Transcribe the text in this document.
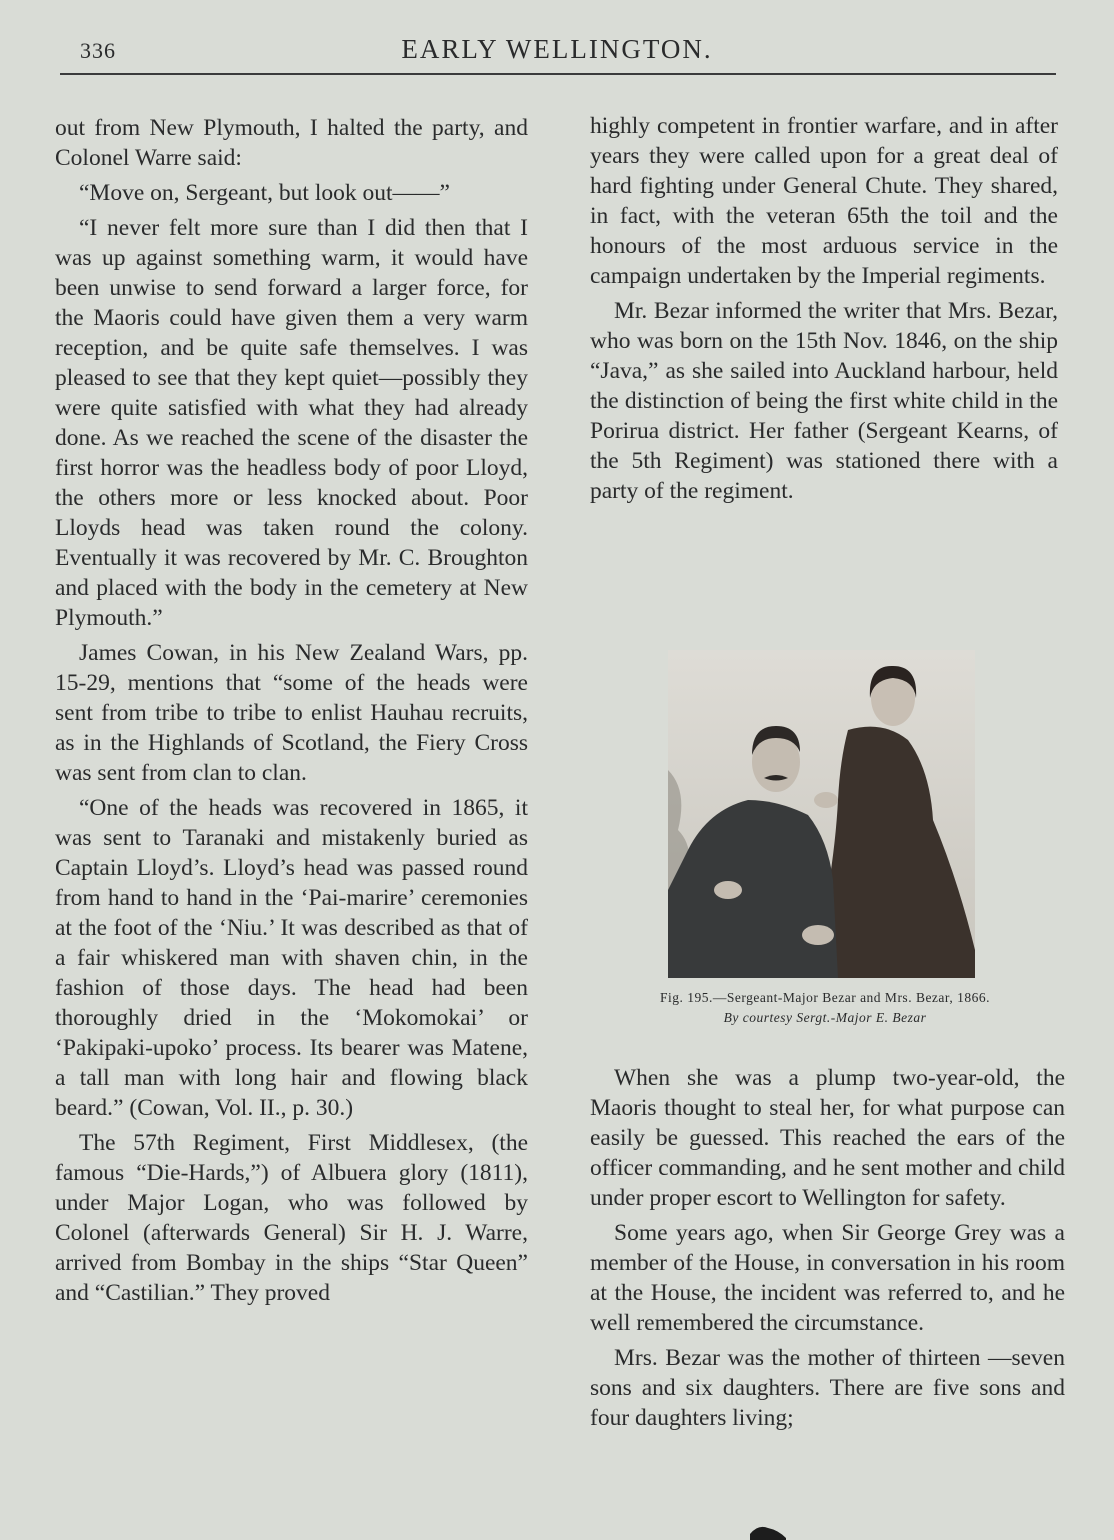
336	EARLY WELLINGTON.

out from New Plymouth, I halted the party, and Colonel Warre said:

“Move on, Sergeant, but look out——”

“I never felt more sure than I did then that I was up against something warm, it would have been unwise to send forward a larger force, for the Maoris could have given them a very warm reception, and be quite safe themselves. I was pleased to see that they kept quiet—possibly they were quite satisfied with what they had already done. As we reached the scene of the disaster the first horror was the headless body of poor Lloyd, the others more or less knocked about. Poor Lloyds head was taken round the colony. Eventually it was recovered by Mr. C. Broughton and placed with the body in the cemetery at New Plymouth.”

James Cowan, in his New Zealand Wars, pp. 15-29, mentions that “some of the heads were sent from tribe to tribe to enlist Hauhau recruits, as in the Highlands of Scotland, the Fiery Cross was sent from clan to clan.

“One of the heads was recovered in 1865, it was sent to Taranaki and mistakenly buried as Captain Lloyd’s. Lloyd’s head was passed round from hand to hand in the ‘Pai-marire’ ceremonies at the foot of the ‘Niu.’ It was described as that of a fair whiskered man with shaven chin, in the fashion of those days. The head had been thoroughly dried in the ‘Mokomokai’ or ‘Pakipaki-upoko’ process. Its bearer was Matene, a tall man with long hair and flowing black beard.” (Cowan, Vol. II., p. 30.)

The 57th Regiment, First Middlesex, (the famous “Die-Hards,”) of Albuera glory (1811), under Major Logan, who was followed by Colonel (afterwards General) Sir H. J. Warre, arrived from Bombay in the ships “Star Queen” and “Castilian.” They proved

highly competent in frontier warfare, and in after years they were called upon for a great deal of hard fighting under General Chute. They shared, in fact, with the veteran 65th the toil and the honours of the most arduous service in the campaign undertaken by the Imperial regiments.

Mr. Bezar informed the writer that Mrs. Bezar, who was born on the 15th Nov. 1846, on the ship “Java,” as she sailed into Auckland harbour, held the distinction of being the first white child in the Porirua district. Her father (Sergeant Kearns, of the 5th Regiment) was stationed there with a party of the regiment.

Fig. 195.—Sergeant-Major Bezar and Mrs. Bezar, 1866.
By courtesy Sergt.-Major E. Bezar

When she was a plump two-year-old, the Maoris thought to steal her, for what purpose can easily be guessed. This reached the ears of the officer commanding, and he sent mother and child under proper escort to Wellington for safety.

Some years ago, when Sir George Grey was a member of the House, in conversation in his room at the House, the incident was referred to, and he well remembered the circumstance.

Mrs. Bezar was the mother of thirteen —seven sons and six daughters. There are five sons and four daughters living;
